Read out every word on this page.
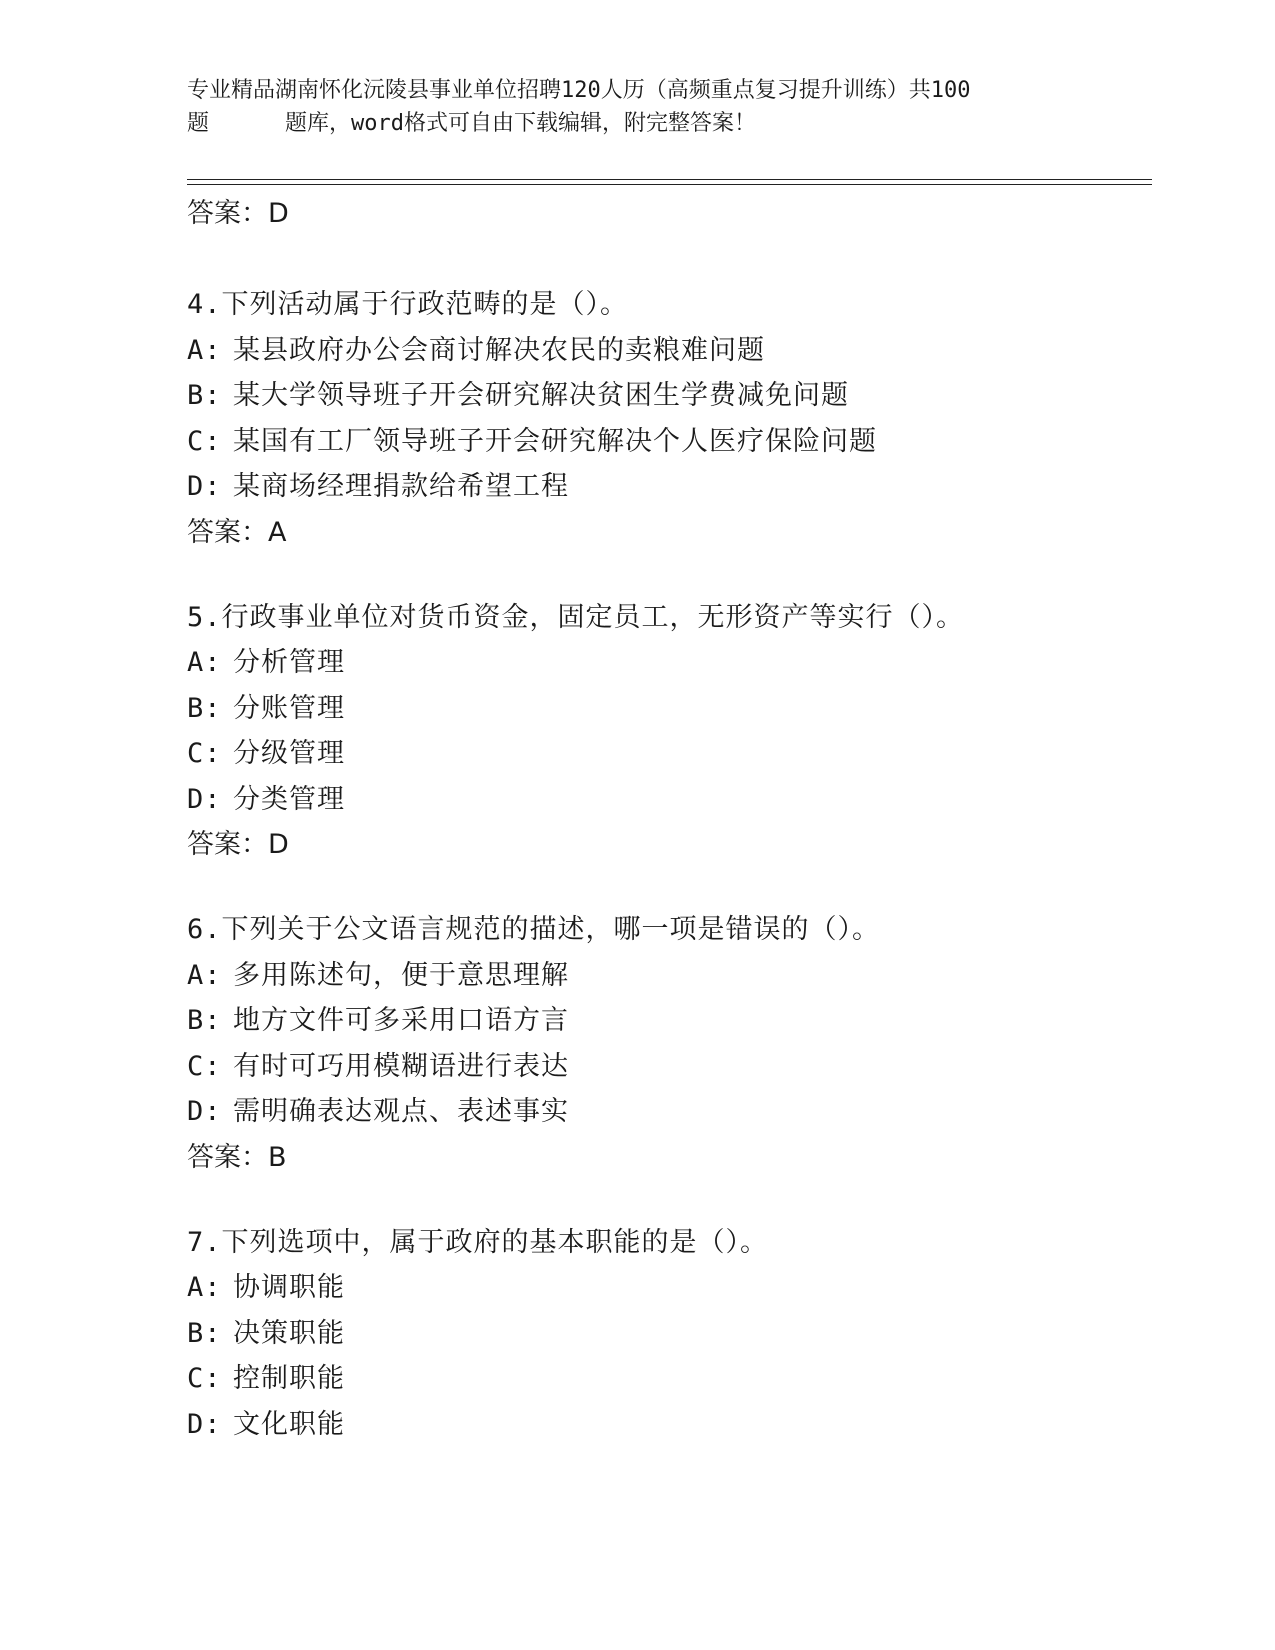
专业精品湖南怀化沅陵县事业单位招聘120人历（高频重点复习提升训练）共100
题	题库，word格式可自由下载编辑，附完整答案！

答案：D

4.下列活动属于行政范畴的是（）。

A: 某县政府办公会商讨解决农民的卖粮难问题

B: 某大学领导班子开会研究解决贫困生学费减免问题

C: 某国有工厂领导班子开会研究解决个人医疗保险问题

D: 某商场经理捐款给希望工程

答案：A

5.行政事业单位对货币资金，固定员工，无形资产等实行（）。

A: 分析管理

B: 分账管理

C: 分级管理

D: 分类管理

答案：D

6.下列关于公文语言规范的描述，哪一项是错误的（）。

A: 多用陈述句，便于意思理解

B: 地方文件可多采用口语方言

C: 有时可巧用模糊语进行表达

D: 需明确表达观点、表述事实

答案：B

7.下列选项中，属于政府的基本职能的是（）。

A: 协调职能

B: 决策职能

C: 控制职能

D: 文化职能
